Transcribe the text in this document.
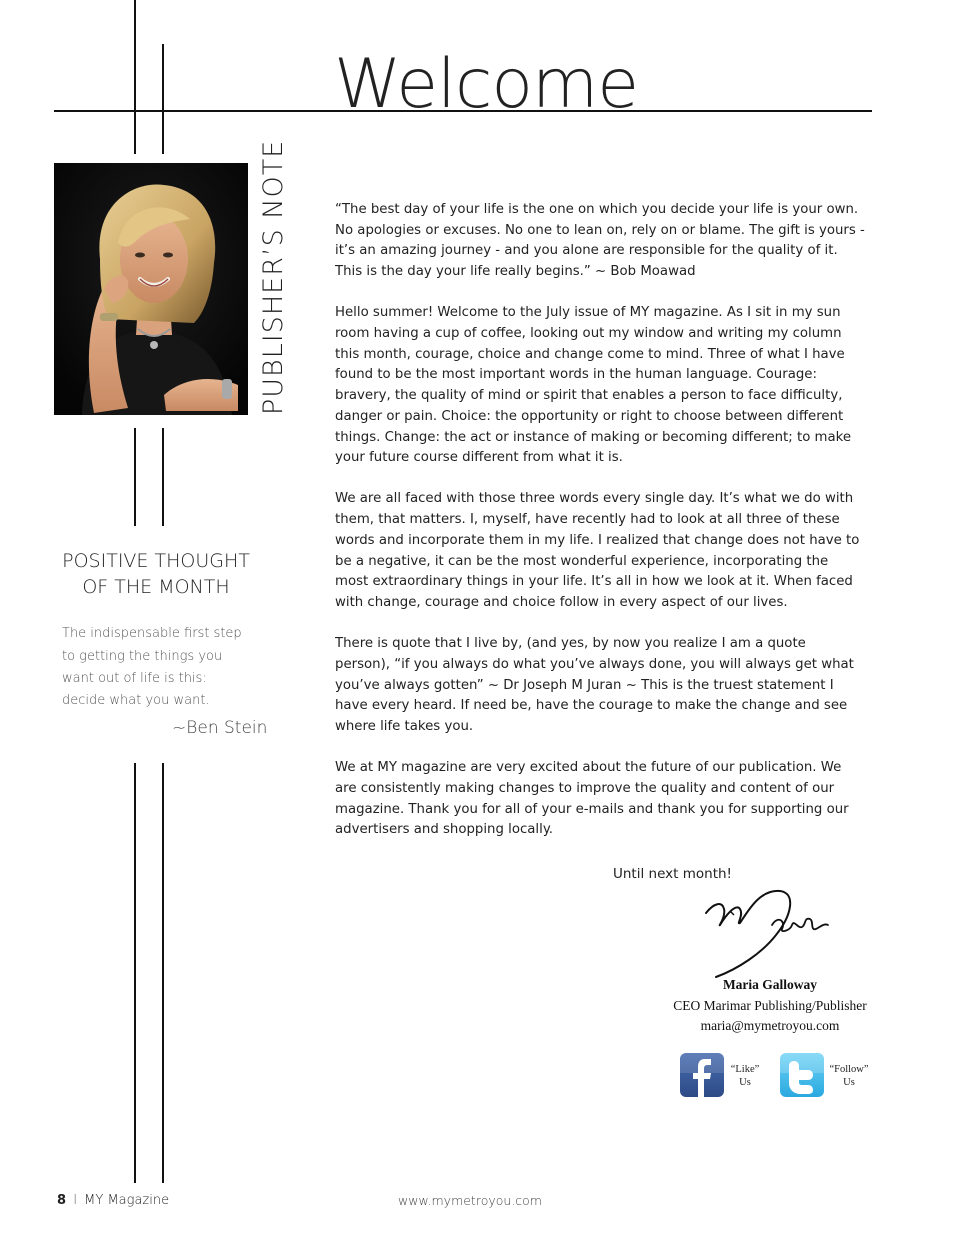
Welcome
PUBLISHER’S NOTE
POSITIVE THOUGHT
OF THE MONTH
The indispensable first step
to getting the things you
want out of life is this:
decide what you want.
~Ben Stein

“The best day of your life is the one on which you decide your life is your own. No apologies or excuses. No one to lean on, rely on or blame. The gift is yours - it’s an amazing journey - and you alone are responsible for the quality of it. This is the day your life really begins.” ~ Bob Moawad

Hello summer! Welcome to the July issue of MY magazine. As I sit in my sun room having a cup of coffee, looking out my window and writing my column this month, courage, choice and change come to mind. Three of what I have found to be the most important words in the human language. Courage: bravery, the quality of mind or spirit that enables a person to face difficulty, danger or pain. Choice: the opportunity or right to choose between different things. Change: the act or instance of making or becoming different; to make your future course different from what it is.

We are all faced with those three words every single day. It’s what we do with them, that matters. I, myself, have recently had to look at all three of these words and incorporate them in my life. I realized that change does not have to be a negative, it can be the most wonderful experience, incorporating the most extraordinary things in your life. It’s all in how we look at it. When faced with change, courage and choice follow in every aspect of our lives.

There is quote that I live by, (and yes, by now you realize I am a quote person), “if you always do what you’ve always done, you will always get what you’ve always gotten” ~ Dr Joseph M Juran ~ This is the truest statement I have every heard. If need be, have the courage to make the change and see where life takes you.

We at MY magazine are very excited about the future of our publication. We are consistently making changes to improve the quality and content of our magazine. Thank you for all of your e-mails and thank you for supporting our advertisers and shopping locally.

Until next month!
Maria Galloway
CEO Marimar Publishing/Publisher
maria@mymetroyou.com
“Like”
Us
“Follow”
Us
8 I MY Magazine	www.mymetroyou.com
